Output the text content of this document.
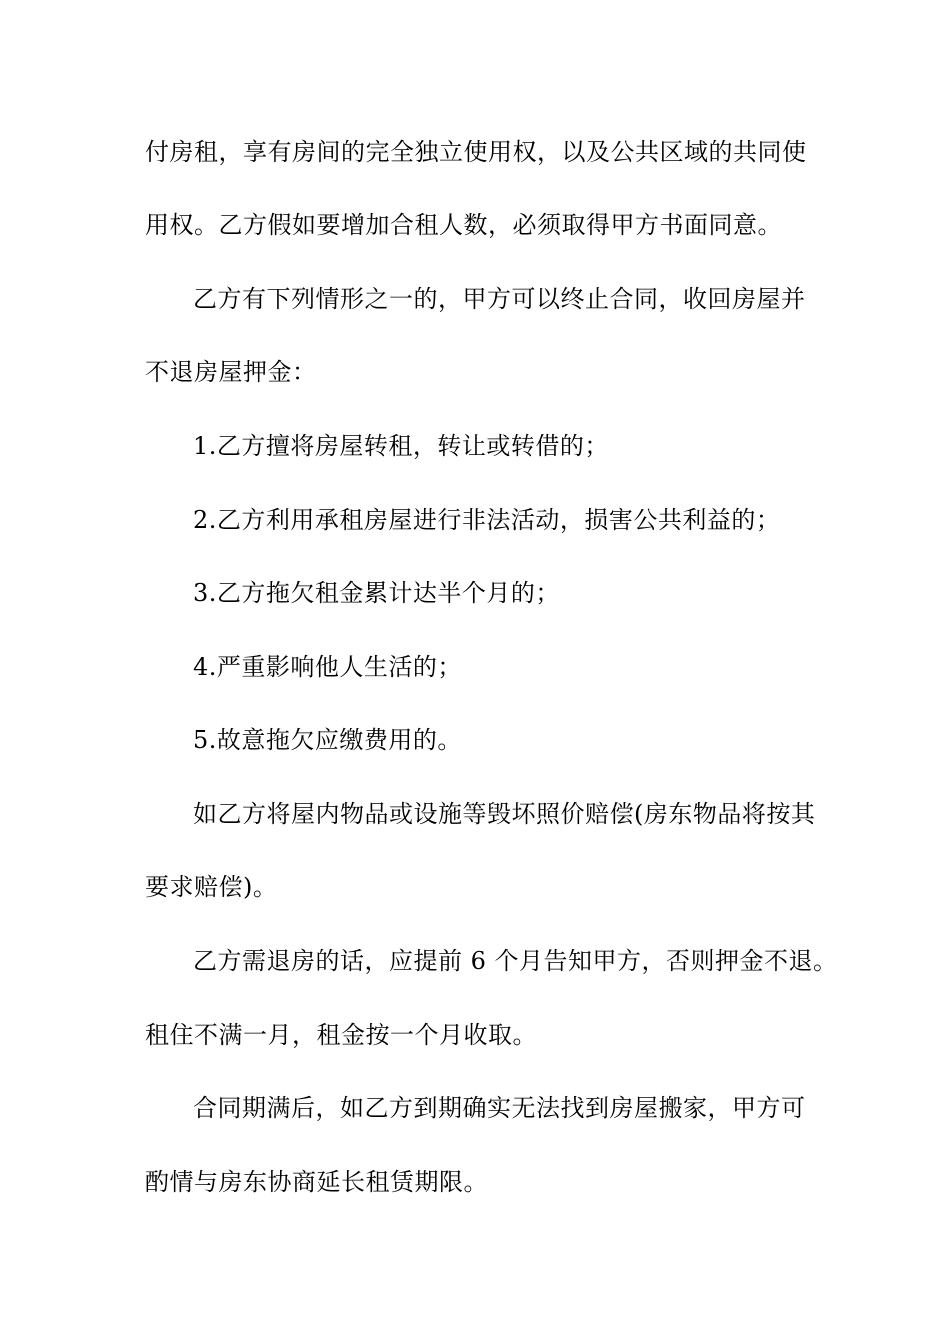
付房租，享有房间的完全独立使用权，以及公共区域的共同使
用权。乙方假如要增加合租人数，必须取得甲方书面同意。
乙方有下列情形之一的，甲方可以终止合同，收回房屋并
不退房屋押金：
1.乙方擅将房屋转租，转让或转借的；
2.乙方利用承租房屋进行非法活动，损害公共利益的；
3.乙方拖欠租金累计达半个月的；
4.严重影响他人生活的；
5.故意拖欠应缴费用的。
如乙方将屋内物品或设施等毁坏照价赔偿(房东物品将按其
要求赔偿)。
乙方需退房的话，应提前 6 个月告知甲方，否则押金不退。
租住不满一月，租金按一个月收取。
合同期满后，如乙方到期确实无法找到房屋搬家，甲方可
酌情与房东协商延长租赁期限。
